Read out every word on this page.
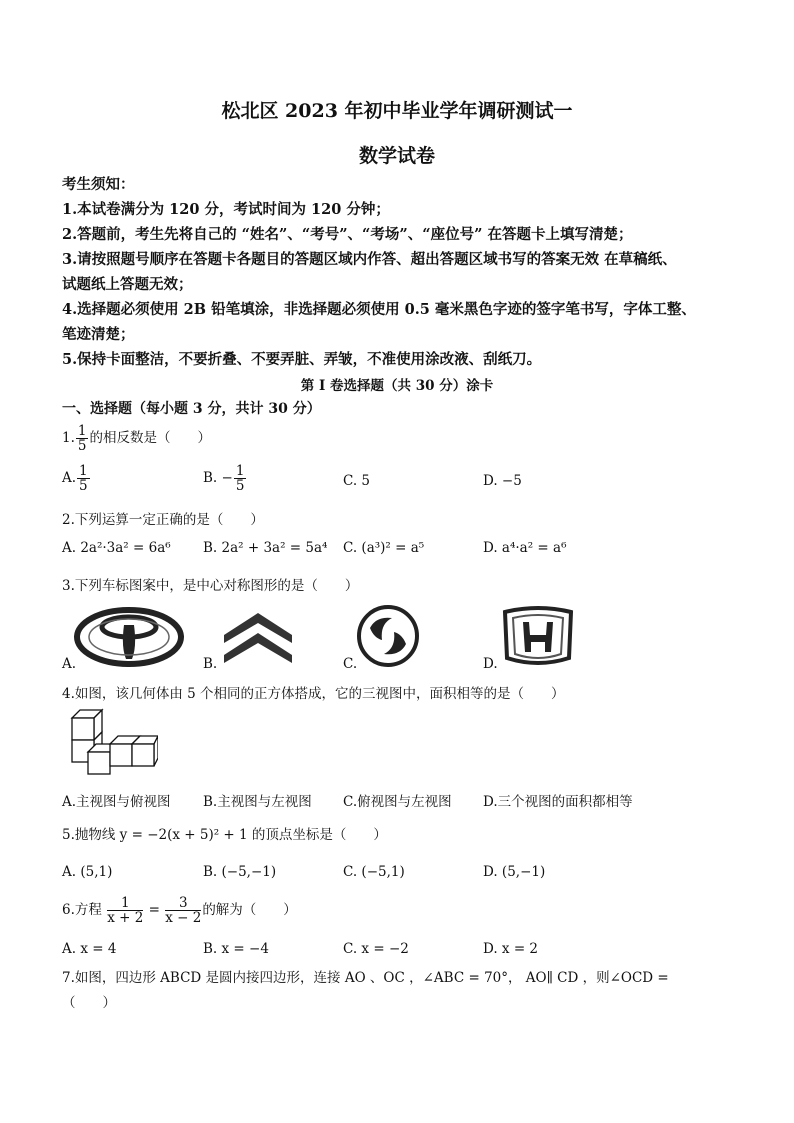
松北区 2023 年初中毕业学年调研测试一
数学试卷
考生须知：
1.本试卷满分为 120 分，考试时间为 120 分钟；
2.答题前，考生先将自己的 “姓名”、“考号”、“考场”、“座位号” 在答题卡上填写清楚；
3.请按照题号顺序在答题卡各题目的答题区域内作答、超出答题区域书写的答案无效 在草稿纸、
试题纸上答题无效；
4.选择题必须使用 2B 铅笔填涂，非选择题必须使用 0.5 毫米黑色字迹的签字笔书写，字体工整、
笔迹清楚；
5.保持卡面整洁，不要折叠、不要弄脏、弄皱，不准使用涂改液、刮纸刀。
第 I 卷选择题（共 30 分）涂卡
一、选择题（每小题 3 分，共计 30 分）
1. $\frac{1}{5}$ 的相反数是（　　）
A. $\frac{1}{5}$	B. − $\frac{1}{5}$	C. 5	D. −5
2.下列运算一定正确的是（　　）
A. 2a²·3a² = 6a⁶ B. 2a² + 3a² = 5a⁴ C. (a³)² = a⁵	D. a⁴·a² = a⁶
3.下列车标图案中，是中心对称图形的是（　　）
A.	B.	C.	D.
4.如图，该几何体由 5 个相同的正方体搭成，它的三视图中，面积相等的是（　　）
A.主视图与俯视图 B.主视图与左视图 C.俯视图与左视图 D.三个视图的面积都相等
5.抛物线 y = −2(x + 5)² + 1 的顶点坐标是（　　）
A. (5,1)	B. (−5,−1)	C. (−5,1)	D. (5,−1)
6.方程 $\frac{1}{x + 2} = \frac{3}{x - 2}$ 的解为（　　）
A. x = 4	B. x = −4	C. x = −2	D. x = 2
7.如图，四边形 ABCD 是圆内接四边形，连接 AO 、OC ，∠ABC = 70°， AO∥ CD ，则∠OCD =
（　　）
